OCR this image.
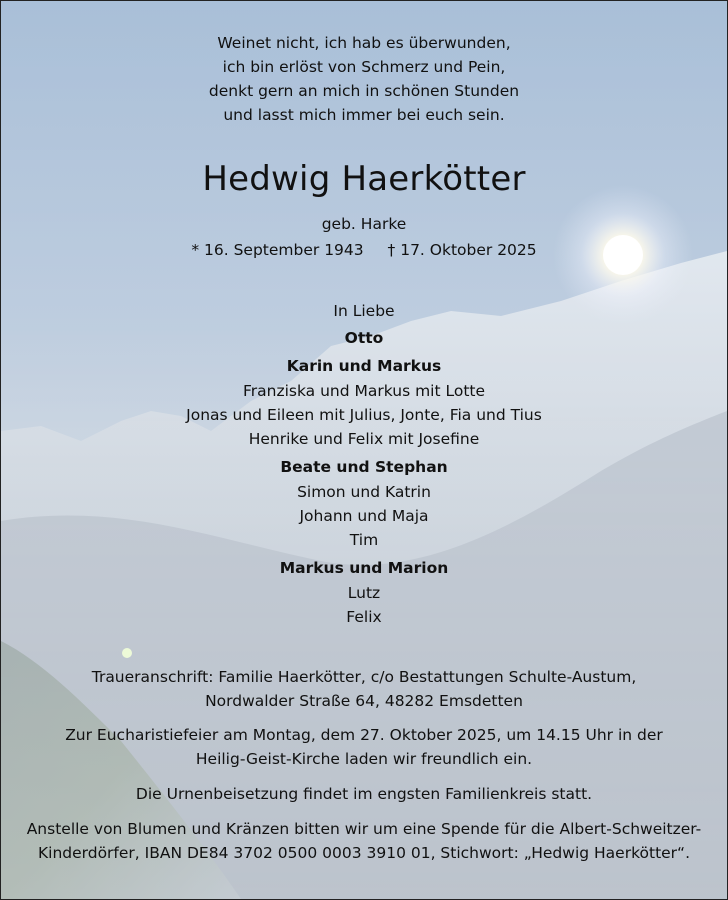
Weinet nicht, ich hab es überwunden,
ich bin erlöst von Schmerz und Pein,
denkt gern an mich in schönen Stunden
und lasst mich immer bei euch sein.
Hedwig Haerkötter
geb. Harke
* 16. September 1943 † 17. Oktober 2025
In Liebe
Otto
Karin und Markus
Franziska und Markus mit Lotte
Jonas und Eileen mit Julius, Jonte, Fia und Tius
Henrike und Felix mit Josefine
Beate und Stephan
Simon und Katrin
Johann und Maja
Tim
Markus und Marion
Lutz
Felix
Traueranschrift: Familie Haerkötter, c/o Bestattungen Schulte-Austum,
Nordwalder Straße 64, 48282 Emsdetten
Zur Eucharistiefeier am Montag, dem 27. Oktober 2025, um 14.15 Uhr in der
Heilig-Geist-Kirche laden wir freundlich ein.
Die Urnenbeisetzung findet im engsten Familienkreis statt.
Anstelle von Blumen und Kränzen bitten wir um eine Spende für die Albert-Schweitzer-
Kinderdörfer, IBAN DE84 3702 0500 0003 3910 01, Stichwort: „Hedwig Haerkötter“.
